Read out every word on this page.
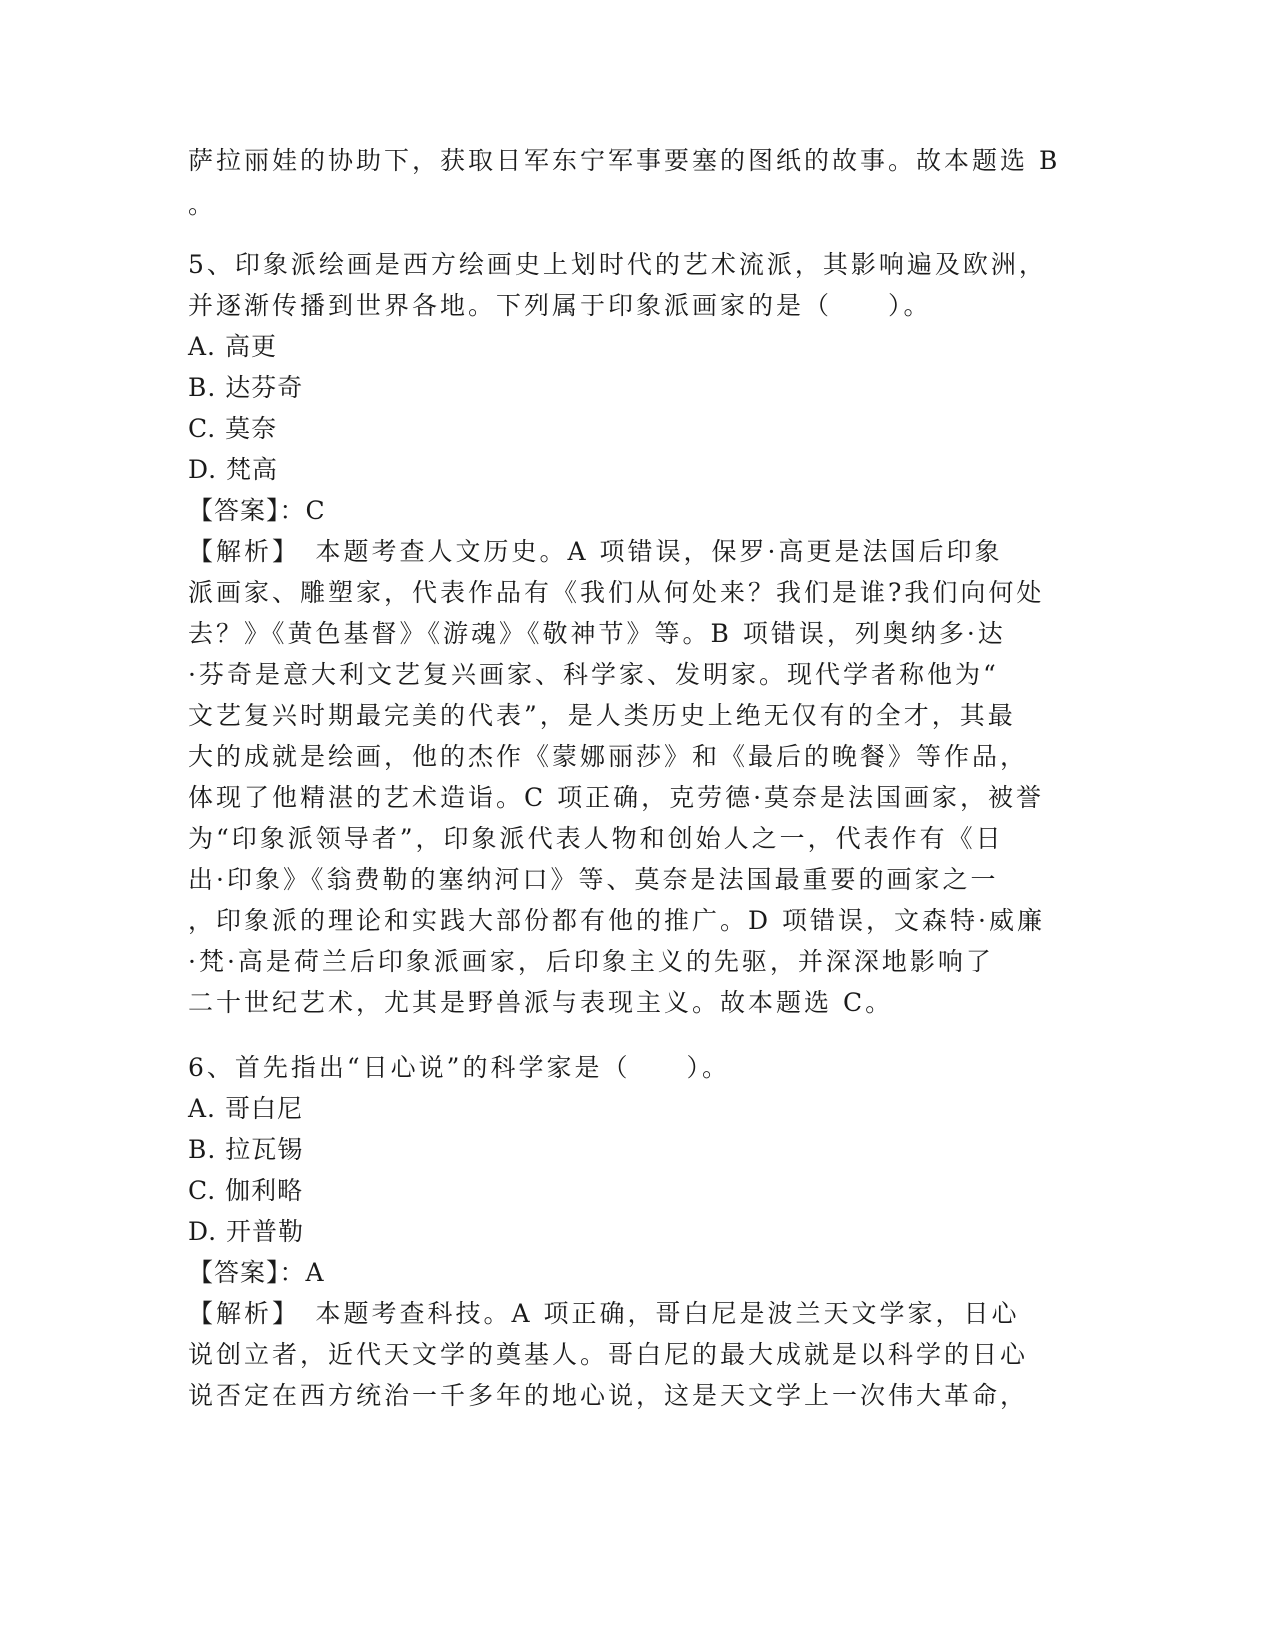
萨拉丽娃的协助下，获取日军东宁军事要塞的图纸的故事。故本题选 B
。
5、印象派绘画是西方绘画史上划时代的艺术流派，其影响遍及欧洲，
并逐渐传播到世界各地。下列属于印象派画家的是（　　）。
A. 高更
B. 达芬奇
C. 莫奈
D. 梵高
【答案】：C
【解析】　本题考查人文历史。A 项错误，保罗·高更是法国后印象
派画家、雕塑家，代表作品有《我们从何处来？我们是谁?我们向何处
去？》《黄色基督》《游魂》《敬神节》等。B 项错误，列奥纳多·达
·芬奇是意大利文艺复兴画家、科学家、发明家。现代学者称他为“
文艺复兴时期最完美的代表”，是人类历史上绝无仅有的全才，其最
大的成就是绘画，他的杰作《蒙娜丽莎》和《最后的晚餐》等作品，
体现了他精湛的艺术造诣。C 项正确，克劳德·莫奈是法国画家，被誉
为“印象派领导者”，印象派代表人物和创始人之一，代表作有《日
出·印象》《翁费勒的塞纳河口》等、莫奈是法国最重要的画家之一
，印象派的理论和实践大部份都有他的推广。D 项错误，文森特·威廉
·梵·高是荷兰后印象派画家，后印象主义的先驱，并深深地影响了
二十世纪艺术，尤其是野兽派与表现主义。故本题选 C。
6、首先指出“日心说”的科学家是（　　）。
A. 哥白尼
B. 拉瓦锡
C. 伽利略
D. 开普勒
【答案】：A
【解析】　本题考查科技。A 项正确，哥白尼是波兰天文学家，日心
说创立者，近代天文学的奠基人。哥白尼的最大成就是以科学的日心
说否定在西方统治一千多年的地心说，这是天文学上一次伟大革命，
